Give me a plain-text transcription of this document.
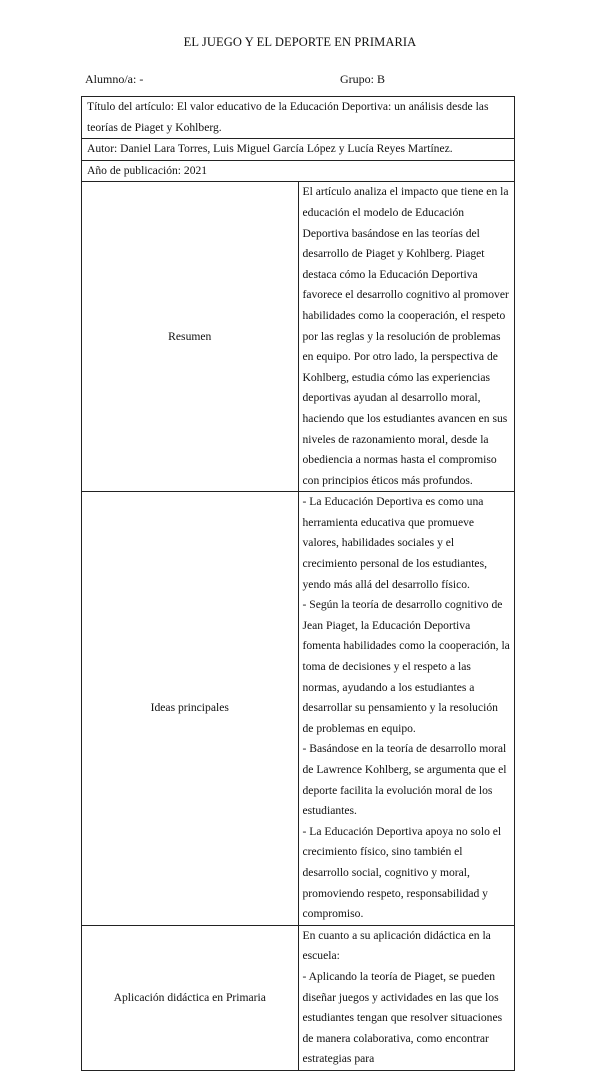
EL JUEGO Y EL DEPORTE EN PRIMARIA
Alumno/a: -	Grupo: B
Título del artículo: El valor educativo de la Educación Deportiva: un análisis desde las teorías de Piaget y Kohlberg.	
Autor: Daniel Lara Torres, Luis Miguel García López y Lucía Reyes Martínez.	
Año de publicación: 2021	
Resumen	El artículo analiza el impacto que tiene en la educación el modelo de Educación Deportiva basándose en las teorías del desarrollo de Piaget y Kohlberg. Piaget destaca cómo la Educación Deportiva favorece el desarrollo cognitivo al promover habilidades como la cooperación, el respeto por las reglas y la resolución de problemas en equipo. Por otro lado, la perspectiva de Kohlberg, estudia cómo las experiencias deportivas ayudan al desarrollo moral, haciendo que los estudiantes avancen en sus niveles de razonamiento moral, desde la obediencia a normas hasta el compromiso con principios éticos más profundos.
Ideas principales	- La Educación Deportiva es como una herramienta educativa que promueve valores, habilidades sociales y el crecimiento personal de los estudiantes, yendo más allá del desarrollo físico.

- Según la teoría de desarrollo cognitivo de Jean Piaget, la Educación Deportiva fomenta habilidades como la cooperación, la toma de decisiones y el respeto a las normas, ayudando a los estudiantes a desarrollar su pensamiento y la resolución de problemas en equipo.

- Basándose en la teoría de desarrollo moral de Lawrence Kohlberg, se argumenta que el deporte facilita la evolución moral de los estudiantes.

- La Educación Deportiva apoya no solo el crecimiento físico, sino también el desarrollo social, cognitivo y moral, promoviendo respeto, responsabilidad y compromiso.

Aplicación didáctica en Primaria	En cuanto a su aplicación didáctica en la escuela:

- Aplicando la teoría de Piaget, se pueden diseñar juegos y actividades en las que los estudiantes tengan que resolver situaciones de manera colaborativa, como encontrar estrategias para
